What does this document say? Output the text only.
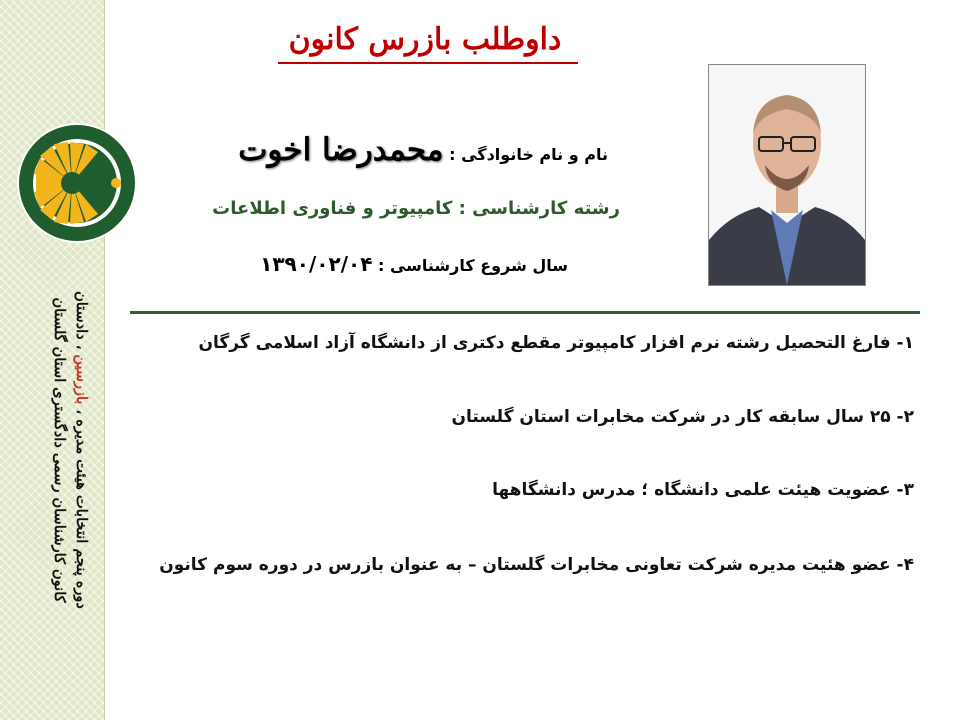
دوره پنجم انتخابات هیئت مدیره ، بازرسین ، دادستان
کانون کارشناسان رسمی دادگستری استان گلستان
داوطلب بازرس کانون
نام و نام خانوادگی : محمدرضا اخوت
رشته کارشناسی : کامپیوتر و فناوری اطلاعات
سال شروع کارشناسی : ۱۳۹۰/۰۲/۰۴
۱- فارغ التحصیل رشته نرم افزار کامپیوتر مقطع دکتری از دانشگاه آزاد اسلامی گرگان
۲- ۲۵ سال سابقه کار در شرکت مخابرات استان گلستان
۳- عضویت هیئت علمی دانشگاه ؛ مدرس دانشگاهها
۴- عضو هئیت مدیره شرکت تعاونی مخابرات گلستان – به عنوان بازرس در دوره سوم کانون
